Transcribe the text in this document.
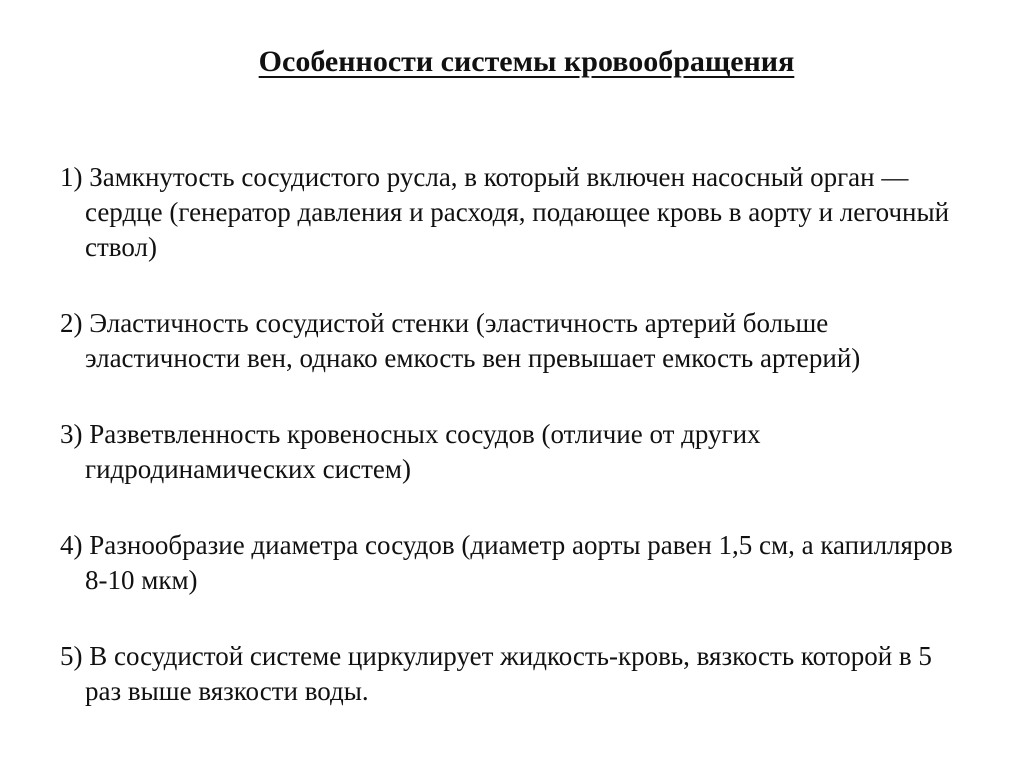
Особенности системы кровообращения
1) Замкнутость сосудистого русла, в который включен насосный орган — сердце (генератор давления и расходя, подающее кровь в аорту и легочный ствол)
2) Эластичность сосудистой стенки (эластичность артерий больше эластичности вен, однако емкость вен превышает емкость артерий)
3) Разветвленность кровеносных сосудов (отличие от других гидродинамических систем)
4) Разнообразие диаметра сосудов (диаметр аорты равен 1,5 см, а капилляров 8-10 мкм)
5) В сосудистой системе циркулирует жидкость-кровь, вязкость которой в 5 раз выше вязкости воды.
